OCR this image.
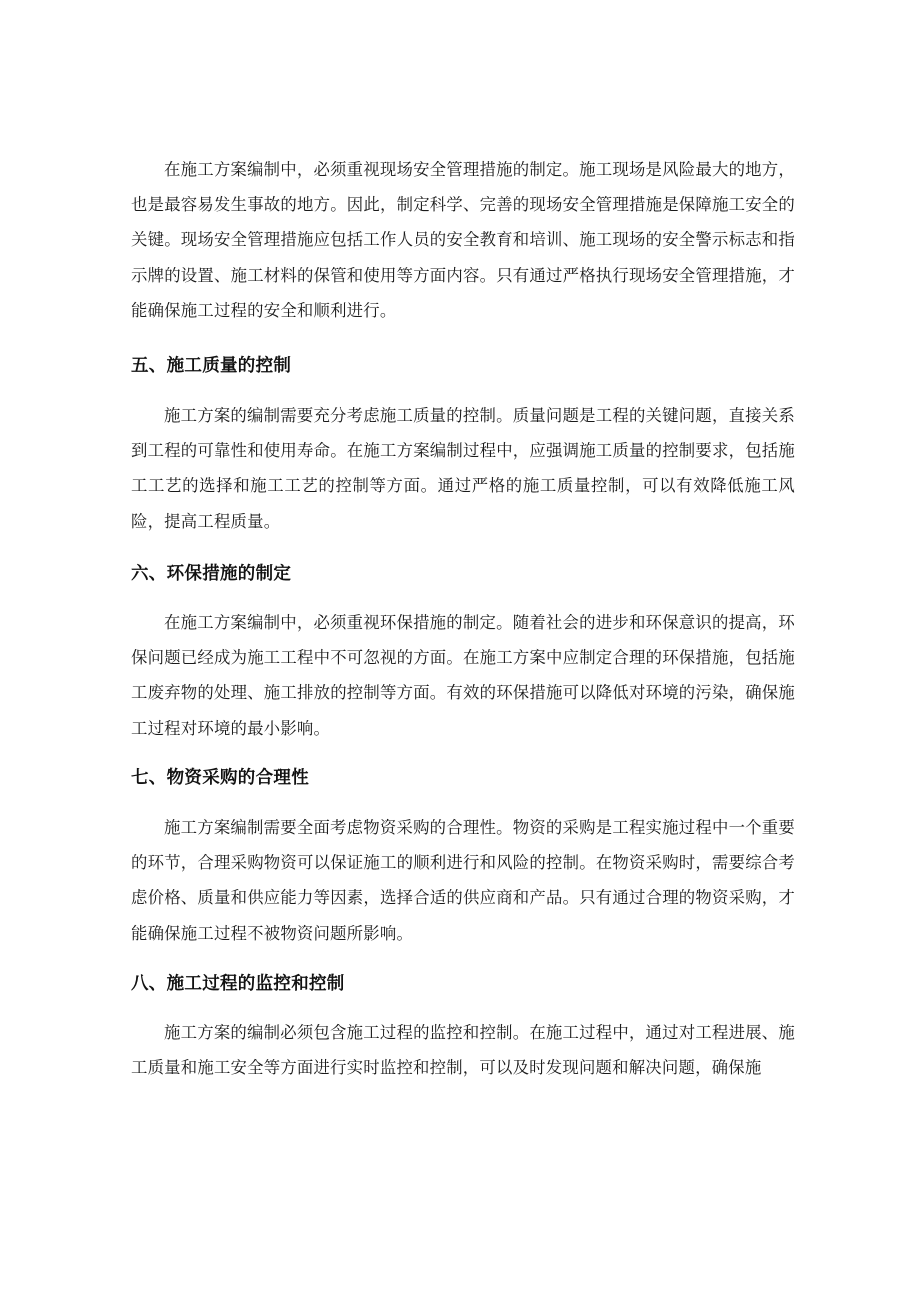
在施工方案编制中，必须重视现场安全管理措施的制定。施工现场是风险最大的地方，也是最容易发生事故的地方。因此，制定科学、完善的现场安全管理措施是保障施工安全的关键。现场安全管理措施应包括工作人员的安全教育和培训、施工现场的安全警示标志和指示牌的设置、施工材料的保管和使用等方面内容。只有通过严格执行现场安全管理措施，才能确保施工过程的安全和顺利进行。

五、施工质量的控制

施工方案的编制需要充分考虑施工质量的控制。质量问题是工程的关键问题，直接关系到工程的可靠性和使用寿命。在施工方案编制过程中，应强调施工质量的控制要求，包括施工工艺的选择和施工工艺的控制等方面。通过严格的施工质量控制，可以有效降低施工风险，提高工程质量。

六、环保措施的制定

在施工方案编制中，必须重视环保措施的制定。随着社会的进步和环保意识的提高，环保问题已经成为施工工程中不可忽视的方面。在施工方案中应制定合理的环保措施，包括施工废弃物的处理、施工排放的控制等方面。有效的环保措施可以降低对环境的污染，确保施工过程对环境的最小影响。

七、物资采购的合理性

施工方案编制需要全面考虑物资采购的合理性。物资的采购是工程实施过程中一个重要的环节，合理采购物资可以保证施工的顺利进行和风险的控制。在物资采购时，需要综合考虑价格、质量和供应能力等因素，选择合适的供应商和产品。只有通过合理的物资采购，才能确保施工过程不被物资问题所影响。

八、施工过程的监控和控制

施工方案的编制必须包含施工过程的监控和控制。在施工过程中，通过对工程进展、施工质量和施工安全等方面进行实时监控和控制，可以及时发现问题和解决问题，确保施
